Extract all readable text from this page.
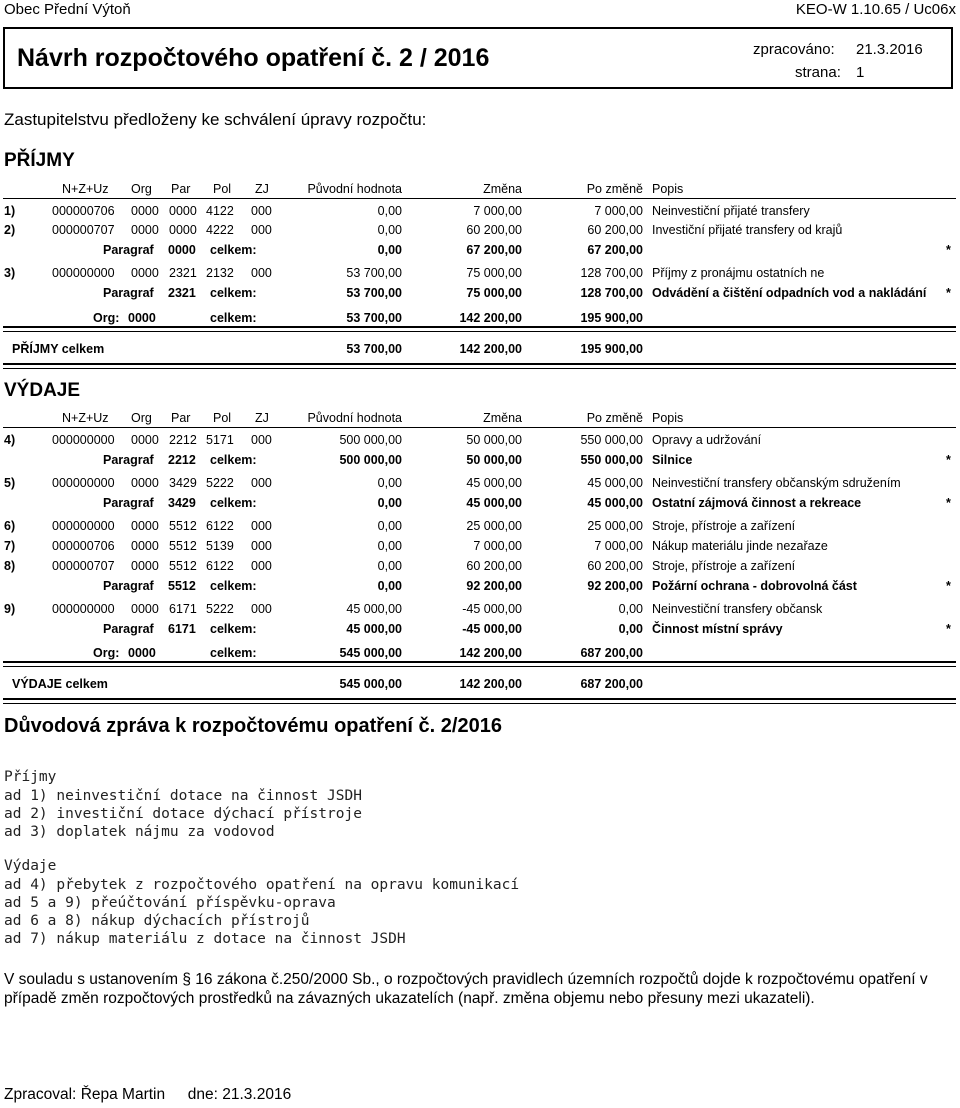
Obec Přední Výtoň	KEO-W 1.10.65 / Uc06x
Návrh rozpočtového opatření č. 2 / 2016	zpracováno: 21.3.2016
strana: 1
Zastupitelstvu předloženy ke schválení úpravy rozpočtu:
PŘÍJMY
N+Z+Uz Org Par Pol ZJ	Původní hodnota	Změna	Po změně Popis
1)	000000706 0000 0000 4122 000	0,00	7 000,00	7 000,00 Neinvestiční přijaté transfery
2)	000000707 0000 0000 4222 000	0,00	60 200,00	60 200,00 Investiční přijaté transfery od krajů
Paragraf 0000 celkem:	0,00	67 200,00	67 200,00	*
3)	000000000 0000 2321 2132 000	53 700,00	75 000,00	128 700,00 Příjmy z pronájmu ostatních ne
Paragraf 2321 celkem:	53 700,00	75 000,00	128 700,00 Odvádění a čištění odpadních vod a nakládání *
Org: 0000	celkem:	53 700,00	142 200,00	195 900,00
PŘÍJMY celkem	53 700,00	142 200,00	195 900,00
VÝDAJE
N+Z+Uz Org Par Pol ZJ	Původní hodnota	Změna	Po změně Popis
4)	000000000 0000 2212 5171 000	500 000,00	50 000,00	550 000,00 Opravy a udržování
Paragraf 2212 celkem:	500 000,00	50 000,00	550 000,00 Silnice	*
5)	000000000 0000 3429 5222 000	0,00	45 000,00	45 000,00 Neinvestiční transfery občanským sdružením
Paragraf 3429 celkem:	0,00	45 000,00	45 000,00 Ostatní zájmová činnost a rekreace	*
6)	000000000 0000 5512 6122 000	0,00	25 000,00	25 000,00 Stroje, přístroje a zařízení
7)	000000706 0000 5512 5139 000	0,00	7 000,00	7 000,00 Nákup materiálu jinde nezařaze
8)	000000707 0000 5512 6122 000	0,00	60 200,00	60 200,00 Stroje, přístroje a zařízení
Paragraf 5512 celkem:	0,00	92 200,00	92 200,00 Požární ochrana - dobrovolná část	*
9)	000000000 0000 6171 5222 000	45 000,00	-45 000,00	0,00 Neinvestiční transfery občansk
Paragraf 6171 celkem:	45 000,00	-45 000,00	0,00 Činnost místní správy	*
Org: 0000	celkem:	545 000,00	142 200,00	687 200,00
VÝDAJE celkem	545 000,00	142 200,00	687 200,00
Důvodová zpráva k rozpočtovému opatření č. 2/2016
Příjmy
ad 1) neinvestiční dotace na činnost JSDH
ad 2) investiční dotace dýchací přístroje
ad 3) doplatek nájmu za vodovod
Výdaje
ad 4) přebytek z rozpočtového opatření na opravu komunikací
ad 5 a 9) přeúčtování příspěvku-oprava
ad 6 a 8) nákup dýchacích přístrojů
ad 7) nákup materiálu z dotace na činnost JSDH
V souladu s ustanovením § 16 zákona č.250/2000 Sb., o rozpočtových pravidlech územních rozpočtů dojde k rozpočtovému opatření v případě změn rozpočtových prostředků na závazných ukazatelích (např. změna objemu nebo přesuny mezi ukazateli).
Zpracoval: Řepa Martin dne: 21.3.2016
